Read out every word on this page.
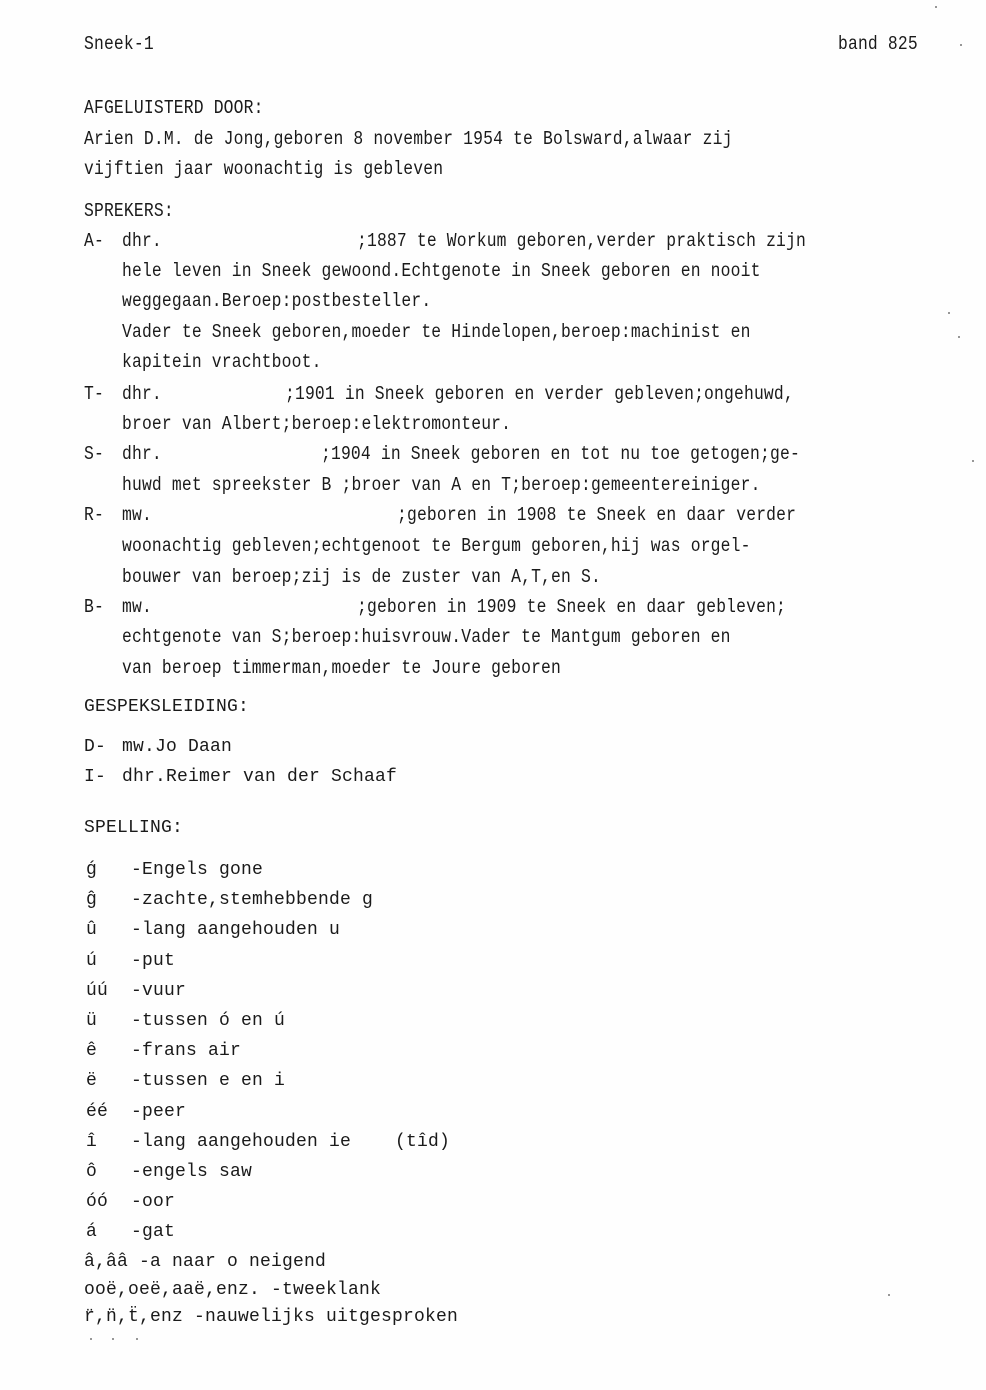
Sneek-1	band 825
AFGELUISTERD DOOR:
Arien D.M. de Jong,geboren 8 november 1954 te Bolsward,alwaar zij
vijftien jaar woonachtig is gebleven
SPREKERS:
A- dhr.	;1887 te Workum geboren,verder praktisch zijn
hele leven in Sneek gewoond.Echtgenote in Sneek geboren en nooit
weggegaan.Beroep:postbesteller.
Vader te Sneek geboren,moeder te Hindelopen,beroep:machinist en
kapitein vrachtboot.
T- dhr.	;1901 in Sneek geboren en verder gebleven;ongehuwd,
broer van Albert;beroep:elektromonteur.
S- dhr.	;1904 in Sneek geboren en tot nu toe getogen;ge-
huwd met spreekster B ;broer van A en T;beroep:gemeentereiniger.
R- mw.	;geboren in 1908 te Sneek en daar verder
woonachtig gebleven;echtgenoot te Bergum geboren,hij was orgel-
bouwer van beroep;zij is de zuster van A,T,en S.
B- mw.	;geboren in 1909 te Sneek en daar gebleven;
echtgenote van S;beroep:huisvrouw.Vader te Mantgum geboren en
van beroep timmerman,moeder te Joure geboren
GESPEKSLEIDING:
D- mw.Jo Daan
I- dhr.Reimer van der Schaaf
SPELLING:
ǵ -Engels gone
ĝ -zachte,stemhebbende g
û -lang aangehouden u
ú -put
úú -vuur
ü -tussen ó en ú
ê -frans air
ë -tussen e en i
éé -peer
î -lang aangehouden ie    (tîd)
ô -engels saw
óó -oor
á -gat
â,ââ -a naar o neigend
ooë,oeë,aaë,enz. -tweeklank
r̈,n̈,ẗ,enz -nauwelijks uitgesproken
